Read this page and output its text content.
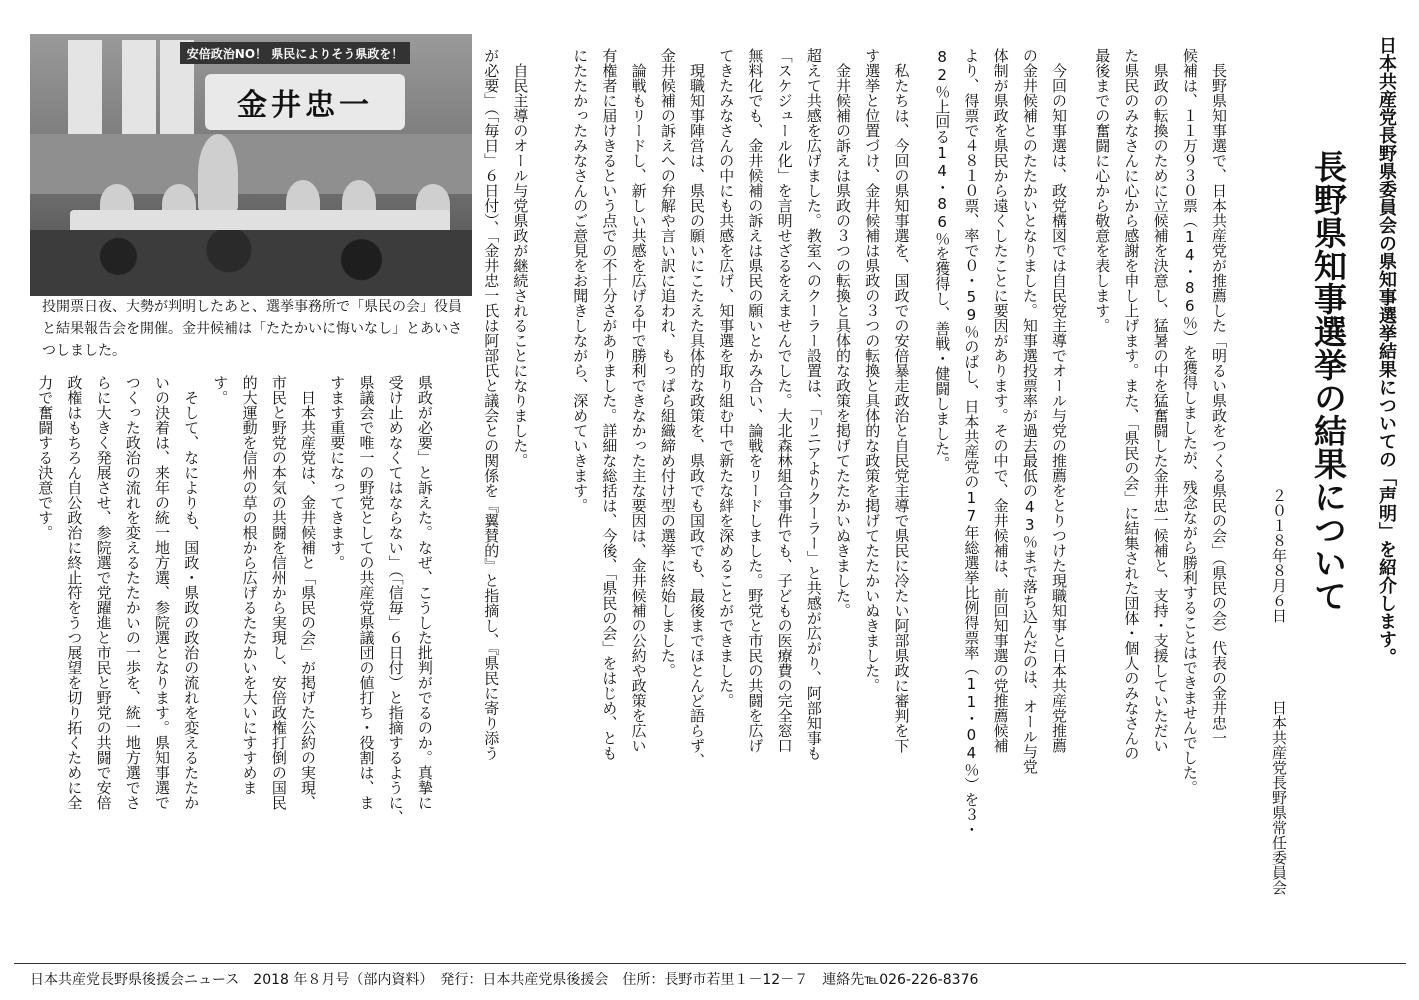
日本共産党長野県委員会の県知事選挙結果についての「声明」を紹介します。

長野県知事選挙の結果について

２０１８年８月６日

日本共産党長野県常任委員会

　長野県知事選で、日本共産党が推薦した「明るい県政をつくる県民の会」（県民の会）代表の金井忠一
候補は、１１万９３０票（14・86％）を獲得しましたが、残念ながら勝利することはできませんでした。
　県政の転換のために立候補を決意し、猛暑の中を猛奮闘した金井忠一候補と、支持・支援していただい
た県民のみなさんに心から感謝を申し上げます。また、「県民の会」に結集された団体・個人のみなさんの
最後までの奮闘に心から敬意を表します。
　今回の知事選は、政党構図では自民党主導でオール与党の推薦をとりつけた現職知事と日本共産党推薦
の金井候補とのたたかいとなりました。知事選投票率が過去最低の43％まで落ち込んだのは、オール与党
体制が県政を県民から遠くしたことに要因があります。その中で、金井候補は、前回知事選の党推薦候補
より、得票で４８１０票、率で０・59％のばし、日本共産党の17年総選挙比例得票率（11・04％）を３・
82％上回る14・86％を獲得し、善戦・健闘しました。
　私たちは、今回の県知事選を、国政での安倍暴走政治と自民党主導で県民に冷たい阿部県政に審判を下
す選挙と位置づけ、金井候補は県政の３つの転換と具体的な政策を掲げてたたかいぬきました。
　金井候補の訴えは県政の３つの転換と具体的な政策を掲げてたたかいぬきました。
超えて共感を広げました。教室へのクーラー設置は、「リニアよりクーラー」と共感が広がり、阿部知事も
「スケジュール化」を言明せざるをえませんでした。大北森林組合事件でも、子どもの医療費の完全窓口
無料化でも、金井候補の訴えは県民の願いとかみ合い、論戦をリードしました。野党と市民の共闘を広げ
てきたみなさんの中にも共感を広げ、知事選を取り組む中で新たな絆を深めることができました。
　現職知事陣営は、県民の願いにこたえた具体的な政策を、県政でも国政でも、最後までほとんど語らず、
金井候補の訴えへの弁解や言い訳に追われ、もっぱら組織締め付け型の選挙に終始しました。
　論戦もリードし、新しい共感を広げる中で勝利できなかった主な要因は、金井候補の公約や政策を広い
有権者に届けきるという点での不十分さがありました。詳細な総括は、今後、「県民の会」をはじめ、とも
にたたかったみなさんのご意見をお聞きしながら、深めていきます。
　自民主導のオール与党県政が継続されることになりました。
が必要」（「毎日」６日付）、「金井忠一氏は阿部氏と議会との関係を『翼賛的』と指摘し、『県民に寄り添う
県政が必要」と訴えた。なぜ、こうした批判がでるのか。真摯に
受け止めなくてはならない」（「信毎」６日付）と指摘するように、
県議会で唯一の野党としての共産党県議団の値打ち・役割は、ま
すます重要になってきます。
　日本共産党は、金井候補と「県民の会」が掲げた公約の実現、
市民と野党の本気の共闘を信州から実現し、安倍政権打倒の国民
的大運動を信州の草の根から広げるたたかいを大いにすすめま
す。
　そして、なによりも、国政・県政の政治の流れを変えるたたか
いの決着は、来年の統一地方選、参院選となります。県知事選で
つくった政治の流れを変えるたたかいの一歩を、統一地方選でさ
らに大きく発展させ、参院選で党躍進と市民と野党の共闘で安倍
政権はもちろん自公政治に終止符をうつ展望を切り拓くために全
力で奮闘する決意です。
安倍政治NO！ 県民によりそう県政を！
金井忠一

投開票日夜、大勢が判明したあと、選挙事務所で「県民の会」役員と結果報告会を開催。金井候補は「たたかいに悔いなし」とあいさつしました。

日本共産党長野県後援会ニュース　2018 年８月号（部内資料）　発行：日本共産党県後援会　住所：長野市若里１－12－７　連絡先℡026-226-8376
